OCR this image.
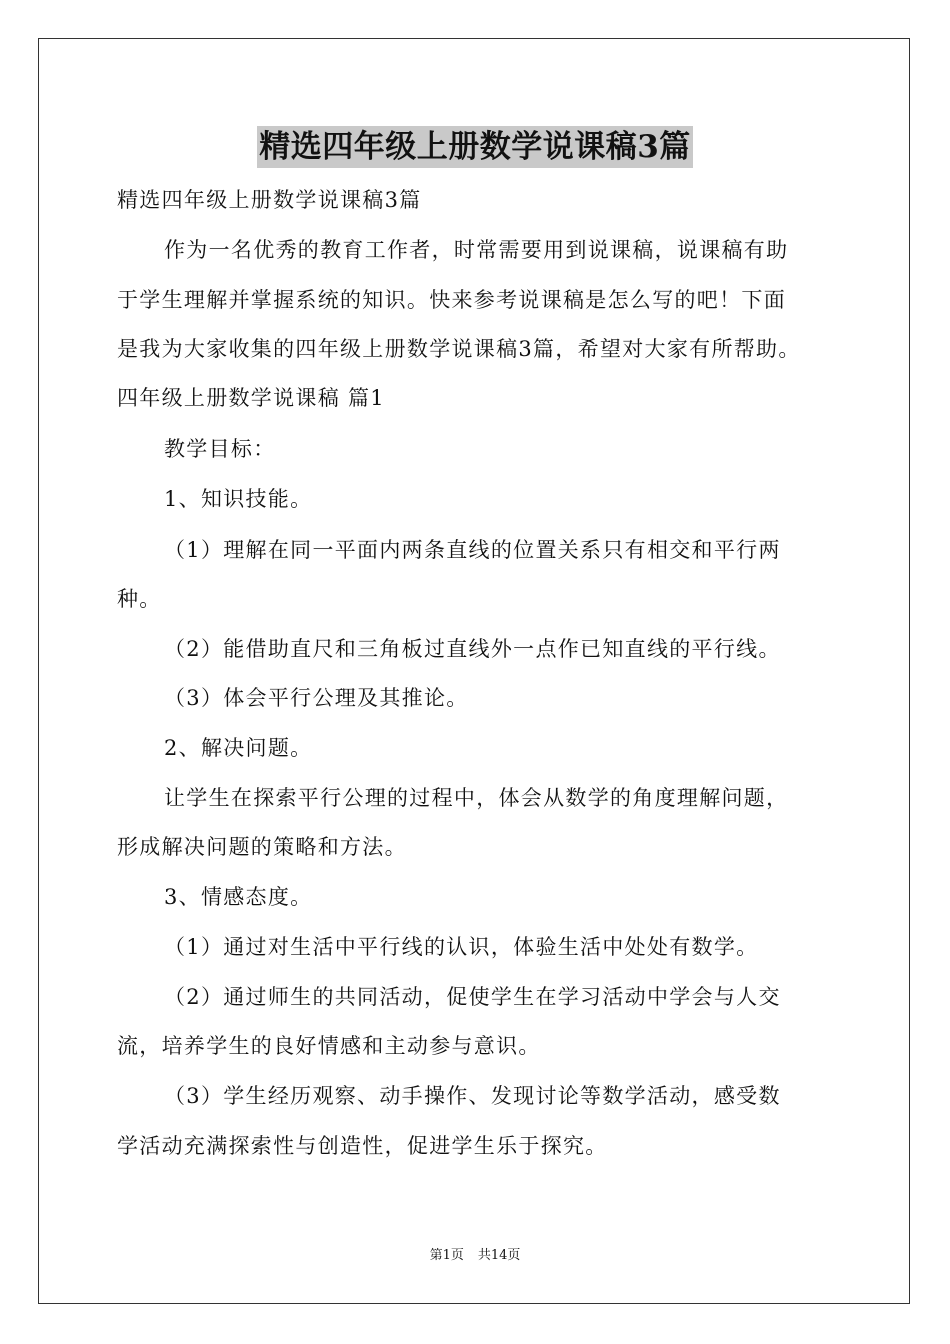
精选四年级上册数学说课稿3篇
精选四年级上册数学说课稿3篇
作为一名优秀的教育工作者，时常需要用到说课稿，说课稿有助
于学生理解并掌握系统的知识。快来参考说课稿是怎么写的吧！下面
是我为大家收集的四年级上册数学说课稿3篇，希望对大家有所帮助。
四年级上册数学说课稿 篇1
教学目标：
1、知识技能。
（1）理解在同一平面内两条直线的位置关系只有相交和平行两
种。
（2）能借助直尺和三角板过直线外一点作已知直线的平行线。
（3）体会平行公理及其推论。
2、解决问题。
让学生在探索平行公理的过程中，体会从数学的角度理解问题，
形成解决问题的策略和方法。
3、情感态度。
（1）通过对生活中平行线的认识，体验生活中处处有数学。
（2）通过师生的共同活动，促使学生在学习活动中学会与人交
流，培养学生的良好情感和主动参与意识。
（3）学生经历观察、动手操作、发现讨论等数学活动，感受数
学活动充满探索性与创造性，促进学生乐于探究。
第1页 共14页
